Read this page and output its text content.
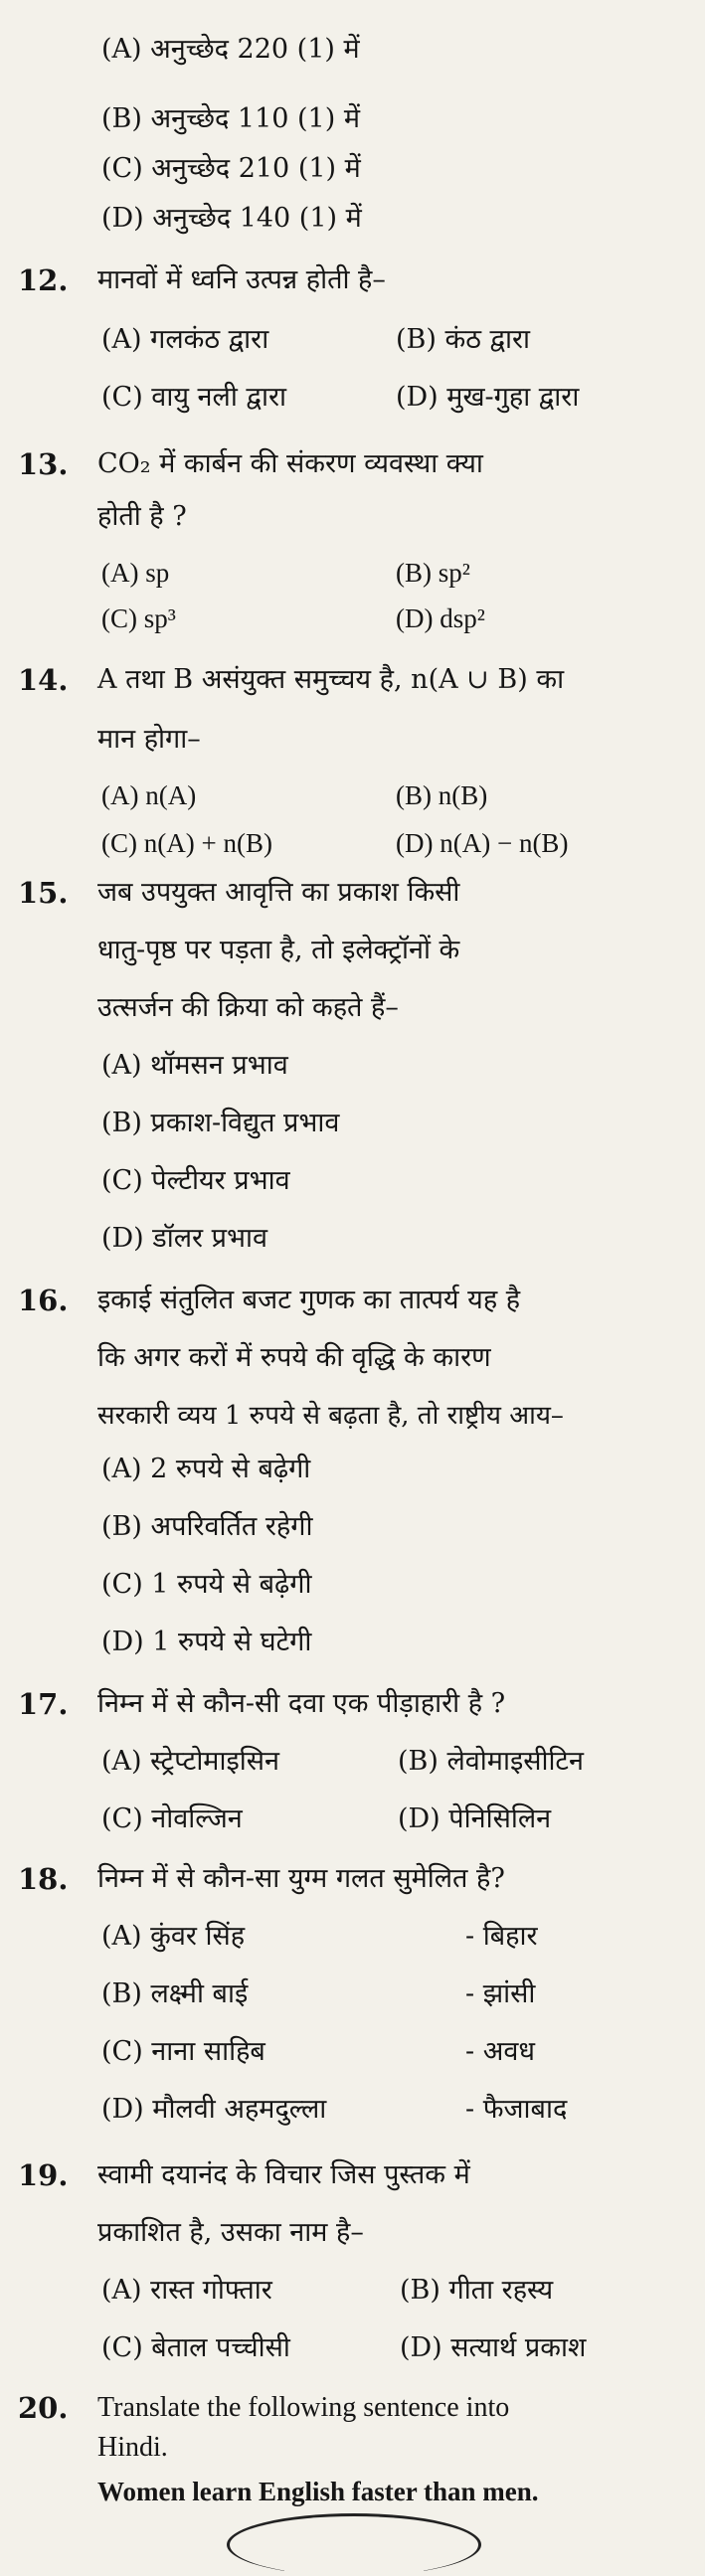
(A) अनुच्छेद 220 (1) में
(B) अनुच्छेद 110 (1) में
(C) अनुच्छेद 210 (1) में
(D) अनुच्छेद 140 (1) में
12. मानवों में ध्वनि उत्पन्न होती है–
(A) गलकंठ द्वारा	(B) कंठ द्वारा
(C) वायु नली द्वारा	(D) मुख-गुहा द्वारा
13. CO₂ में कार्बन की संकरण व्यवस्था क्या
होती है ?
(A) sp	(B) sp²
(C) sp³	(D) dsp²
14. A तथा B असंयुक्त समुच्चय है, n(A ∪ B) का
मान होगा–
(A) n(A)	(B) n(B)
(C) n(A) + n(B)	(D) n(A) − n(B)
15. जब उपयुक्त आवृत्ति का प्रकाश किसी
धातु-पृष्ठ पर पड़ता है, तो इलेक्ट्रॉनों के
उत्सर्जन की क्रिया को कहते हैं–
(A) थॉमसन प्रभाव
(B) प्रकाश-विद्युत प्रभाव
(C) पेल्टीयर प्रभाव
(D) डॉलर प्रभाव
16. इकाई संतुलित बजट गुणक का तात्पर्य यह है
कि अगर करों में रुपये की वृद्धि के कारण
सरकारी व्यय 1 रुपये से बढ़ता है, तो राष्ट्रीय आय–
(A) 2 रुपये से बढ़ेगी
(B) अपरिवर्तित रहेगी
(C) 1 रुपये से बढ़ेगी
(D) 1 रुपये से घटेगी
17. निम्न में से कौन-सी दवा एक पीड़ाहारी है ?
(A) स्ट्रेप्टोमाइसिन	(B) लेवोमाइसीटिन
(C) नोवल्जिन	(D) पेनिसिलिन
18. निम्न में से कौन-सा युग्म गलत सुमेलित है?
(A) कुंवर सिंह	- बिहार
(B) लक्ष्मी बाई	- झांसी
(C) नाना साहिब	- अवध
(D) मौलवी अहमदुल्ला	- फैजाबाद
19. स्वामी दयानंद के विचार जिस पुस्तक में
प्रकाशित है, उसका नाम है–
(A) रास्त गोफ्तार	(B) गीता रहस्य
(C) बेताल पच्चीसी	(D) सत्यार्थ प्रकाश
20. Translate the following sentence into
Hindi.
Women learn English faster than men.
